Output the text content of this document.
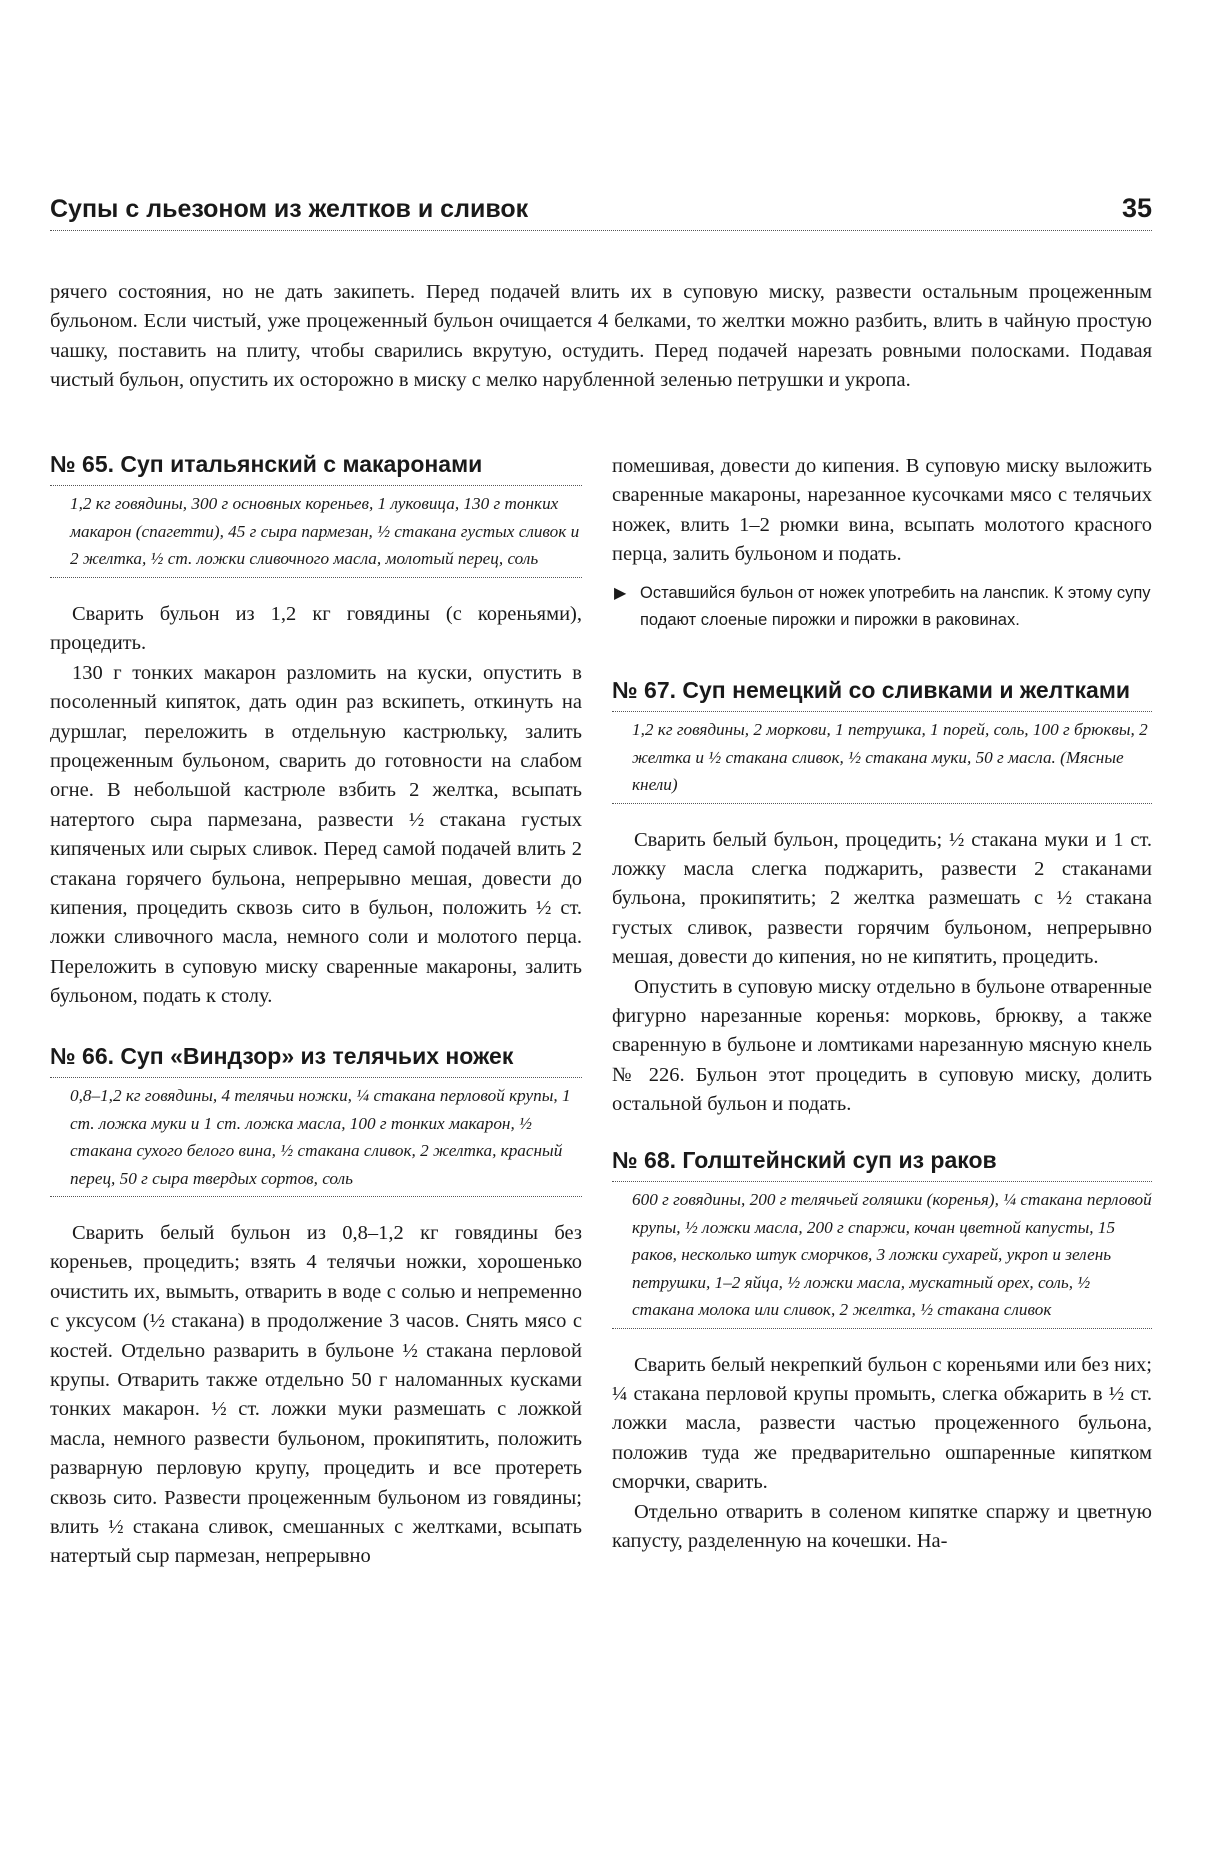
Супы с льезоном из желтков и сливок	35
рячего состояния, но не дать закипеть. Перед подачей влить их в суповую миску, развести остальным процеженным бульоном. Если чистый, уже процеженный бульон очищается 4 белками, то желтки можно разбить, влить в чайную простую чашку, поставить на плиту, чтобы сварились вкрутую, остудить. Перед подачей нарезать ровными полосками. Подавая чистый бульон, опустить их осторожно в миску с мелко нарубленной зеленью петрушки и укропа.
№ 65. Суп итальянский с макаронами
1,2 кг говядины, 300 г основных кореньев, 1 луковица, 130 г тонких макарон (спагетти), 45 г сыра пармезан, ½ стакана густых сливок и 2 желтка, ½ ст. ложки сливочного масла, молотый перец, соль

Сварить бульон из 1,2 кг говядины (с кореньями), процедить.

130 г тонких макарон разломить на куски, опустить в посоленный кипяток, дать один раз вскипеть, откинуть на дуршлаг, переложить в отдельную кастрюльку, залить процеженным бульоном, сварить до готовности на слабом огне. В небольшой кастрюле взбить 2 желтка, всыпать натертого сыра пармезана, развести ½ стакана густых кипяченых или сырых сливок. Перед самой подачей влить 2 стакана горячего бульона, непрерывно мешая, довести до кипения, процедить сквозь сито в бульон, положить ½ ст. ложки сливочного масла, немного соли и молотого перца. Переложить в суповую миску сваренные макароны, залить бульоном, подать к столу.

№ 66. Суп «Виндзор» из телячьих ножек
0,8–1,2 кг говядины, 4 телячьи ножки, ¼ стакана перловой крупы, 1 ст. ложка муки и 1 ст. ложка масла, 100 г тонких макарон, ½ стакана сухого белого вина, ½ стакана сливок, 2 желтка, красный перец, 50 г сыра твердых сортов, соль

Сварить белый бульон из 0,8–1,2 кг говядины без кореньев, процедить; взять 4 телячьи ножки, хорошенько очистить их, вымыть, отварить в воде с солью и непременно с уксусом (½ стакана) в продолжение 3 часов. Снять мясо с костей. Отдельно разварить в бульоне ½ стакана перловой крупы. Отварить также отдельно 50 г наломанных кусками тонких макарон. ½ ст. ложки муки размешать с ложкой масла, немного развести бульоном, прокипятить, положить разварную перловую крупу, процедить и все протереть сквозь сито. Развести процеженным бульоном из говядины; влить ½ стакана сливок, смешанных с желтками, всыпать натертый сыр пармезан, непрерывно

помешивая, довести до кипения. В суповую миску выложить сваренные макароны, нарезанное кусочками мясо с телячьих ножек, влить 1–2 рюмки вина, всыпать молотого красного перца, залить бульоном и подать.

▶ Оставшийся бульон от ножек употребить на ланспик. К этому супу подают слоеные пирожки и пирожки в раковинах.
№ 67. Суп немецкий со сливками и желтками
1,2 кг говядины, 2 моркови, 1 петрушка, 1 порей, соль, 100 г брюквы, 2 желтка и ½ стакана сливок, ½ стакана муки, 50 г масла. (Мясные кнели)

Сварить белый бульон, процедить; ½ стакана муки и 1 ст. ложку масла слегка поджарить, развести 2 стаканами бульона, прокипятить; 2 желтка размешать с ½ стакана густых сливок, развести горячим бульоном, непрерывно мешая, довести до кипения, но не кипятить, процедить.

Опустить в суповую миску отдельно в бульоне отваренные фигурно нарезанные коренья: морковь, брюкву, а также сваренную в бульоне и ломтиками нарезанную мясную кнель № 226. Бульон этот процедить в суповую миску, долить остальной бульон и подать.

№ 68. Голштейнский суп из раков
600 г говядины, 200 г телячьей голяшки (коренья), ¼ стакана перловой крупы, ½ ложки масла, 200 г спаржи, кочан цветной капусты, 15 раков, несколько штук сморчков, 3 ложки сухарей, укроп и зелень петрушки, 1–2 яйца, ½ ложки масла, мускатный орех, соль, ½ стакана молока или сливок, 2 желтка, ½ стакана сливок

Сварить белый некрепкий бульон с кореньями или без них; ¼ стакана перловой крупы промыть, слегка обжарить в ½ ст. ложки масла, развести частью процеженного бульона, положив туда же предварительно ошпаренные кипятком сморчки, сварить.

Отдельно отварить в соленом кипятке спаржу и цветную капусту, разделенную на кочешки. На-
